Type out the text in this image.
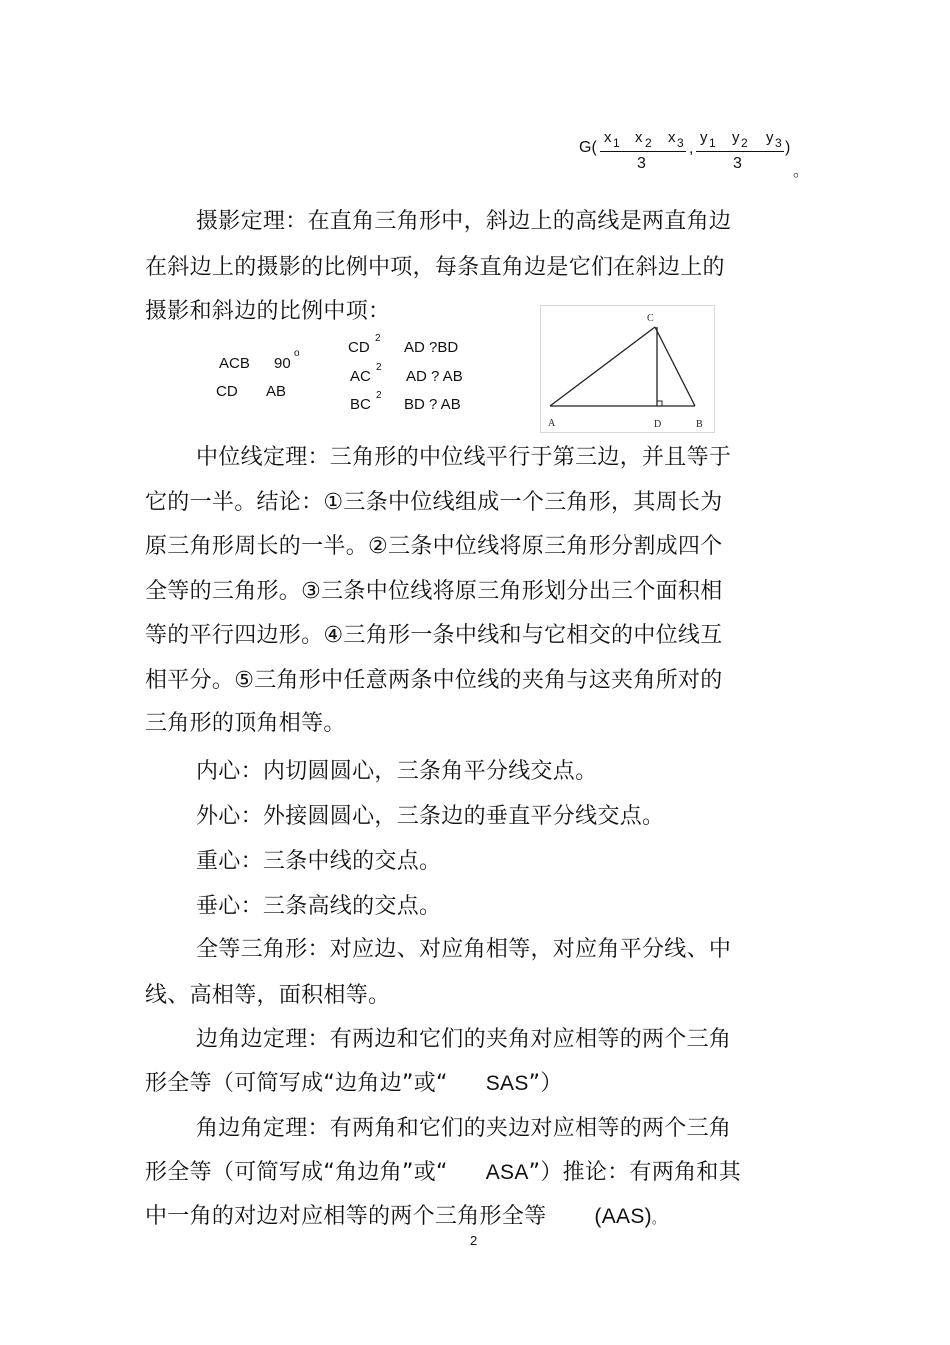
G(
x 1 x 2 x 3
3
,
y 1 y 2 y 3
3
)
。
摄影定理：在直角三角形中，斜边上的高线是两直角边
在斜边上的摄影的比例中项，每条直角边是它们在斜边上的
摄影和斜边的比例中项：
ACB 90
o
CD AB
CD
2
AD ?BD
AC
2
AD ? AB
BC
2
BD ? AB
A	B
C
D
中位线定理：三角形的中位线平行于第三边，并且等于
它的一半。结论：①三条中位线组成一个三角形，其周长为
原三角形周长的一半。②三条中位线将原三角形分割成四个
全等的三角形。③三条中位线将原三角形划分出三个面积相
等的平行四边形。④三角形一条中线和与它相交的中位线互
相平分。⑤三角形中任意两条中位线的夹角与这夹角所对的
三角形的顶角相等。
内心：内切圆圆心，三条角平分线交点。
外心：外接圆圆心，三条边的垂直平分线交点。
重心：三条中线的交点。
垂心：三条高线的交点。
全等三角形：对应边、对应角相等，对应角平分线、中
线、高相等，面积相等。
边角边定理：有两边和它们的夹角对应相等的两个三角
形全等（可简写成“边角边”或“ SAS”）
角边角定理：有两角和它们的夹边对应相等的两个三角
形全等（可简写成“角边角”或“ ASA”）推论：有两角和其
中一角的对边对应相等的两个三角形全等 (AAS)。
2
